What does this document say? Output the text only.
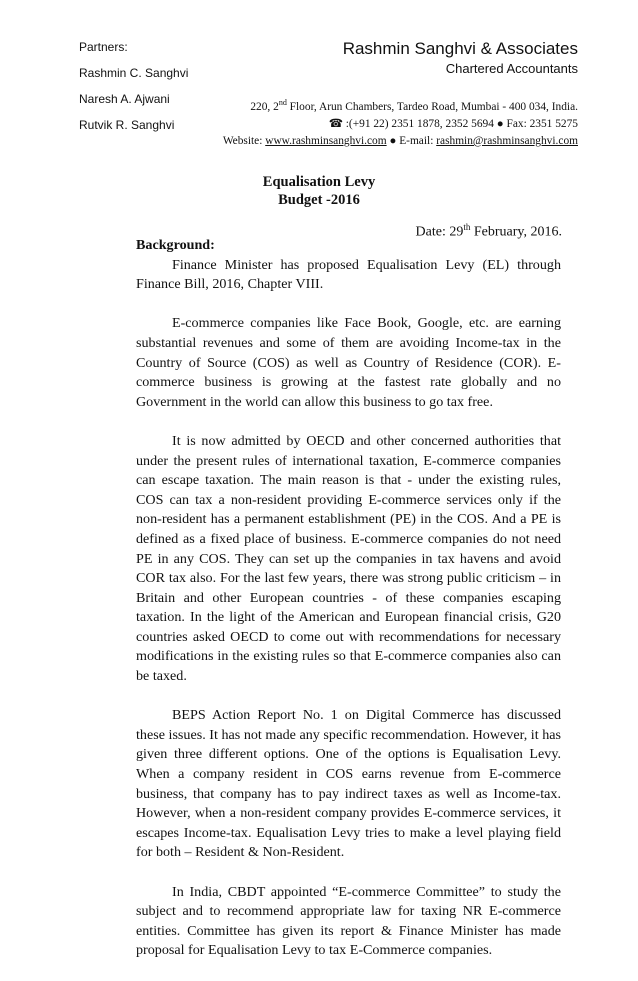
Partners:
Rashmin C. Sanghvi
Naresh A. Ajwani
Rutvik R. Sanghvi
Rashmin Sanghvi & Associates
Chartered Accountants
220, 2nd Floor, Arun Chambers, Tardeo Road, Mumbai - 400 034, India.
☎ :(+91 22) 2351 1878, 2352 5694 ● Fax: 2351 5275
Website: www.rashminsanghvi.com ● E-mail: rashmin@rashminsanghvi.com
Equalisation Levy
Budget -2016
Date: 29th February, 2016.
Background:

Finance Minister has proposed Equalisation Levy (EL) through Finance Bill, 2016, Chapter VIII.

E-commerce companies like Face Book, Google, etc. are earning substantial revenues and some of them are avoiding Income-tax in the Country of Source (COS) as well as Country of Residence (COR). E-commerce business is growing at the fastest rate globally and no Government in the world can allow this business to go tax free.

It is now admitted by OECD and other concerned authorities that under the present rules of international taxation, E-commerce companies can escape taxation. The main reason is that - under the existing rules, COS can tax a non-resident providing E-commerce services only if the non-resident has a permanent establishment (PE) in the COS. And a PE is defined as a fixed place of business. E-commerce companies do not need PE in any COS. They can set up the companies in tax havens and avoid COR tax also. For the last few years, there was strong public criticism – in Britain and other European countries - of these companies escaping taxation. In the light of the American and European financial crisis, G20 countries asked OECD to come out with recommendations for necessary modifications in the existing rules so that E-commerce companies also can be taxed.

BEPS Action Report No. 1 on Digital Commerce has discussed these issues. It has not made any specific recommendation. However, it has given three different options. One of the options is Equalisation Levy. When a company resident in COS earns revenue from E-commerce business, that company has to pay indirect taxes as well as Income-tax. However, when a non-resident company provides E-commerce services, it escapes Income-tax. Equalisation Levy tries to make a level playing field for both – Resident & Non-Resident.

In India, CBDT appointed “E-commerce Committee” to study the subject and to recommend appropriate law for taxing NR E-commerce entities. Committee has given its report & Finance Minister has made proposal for Equalisation Levy to tax E-Commerce companies.
